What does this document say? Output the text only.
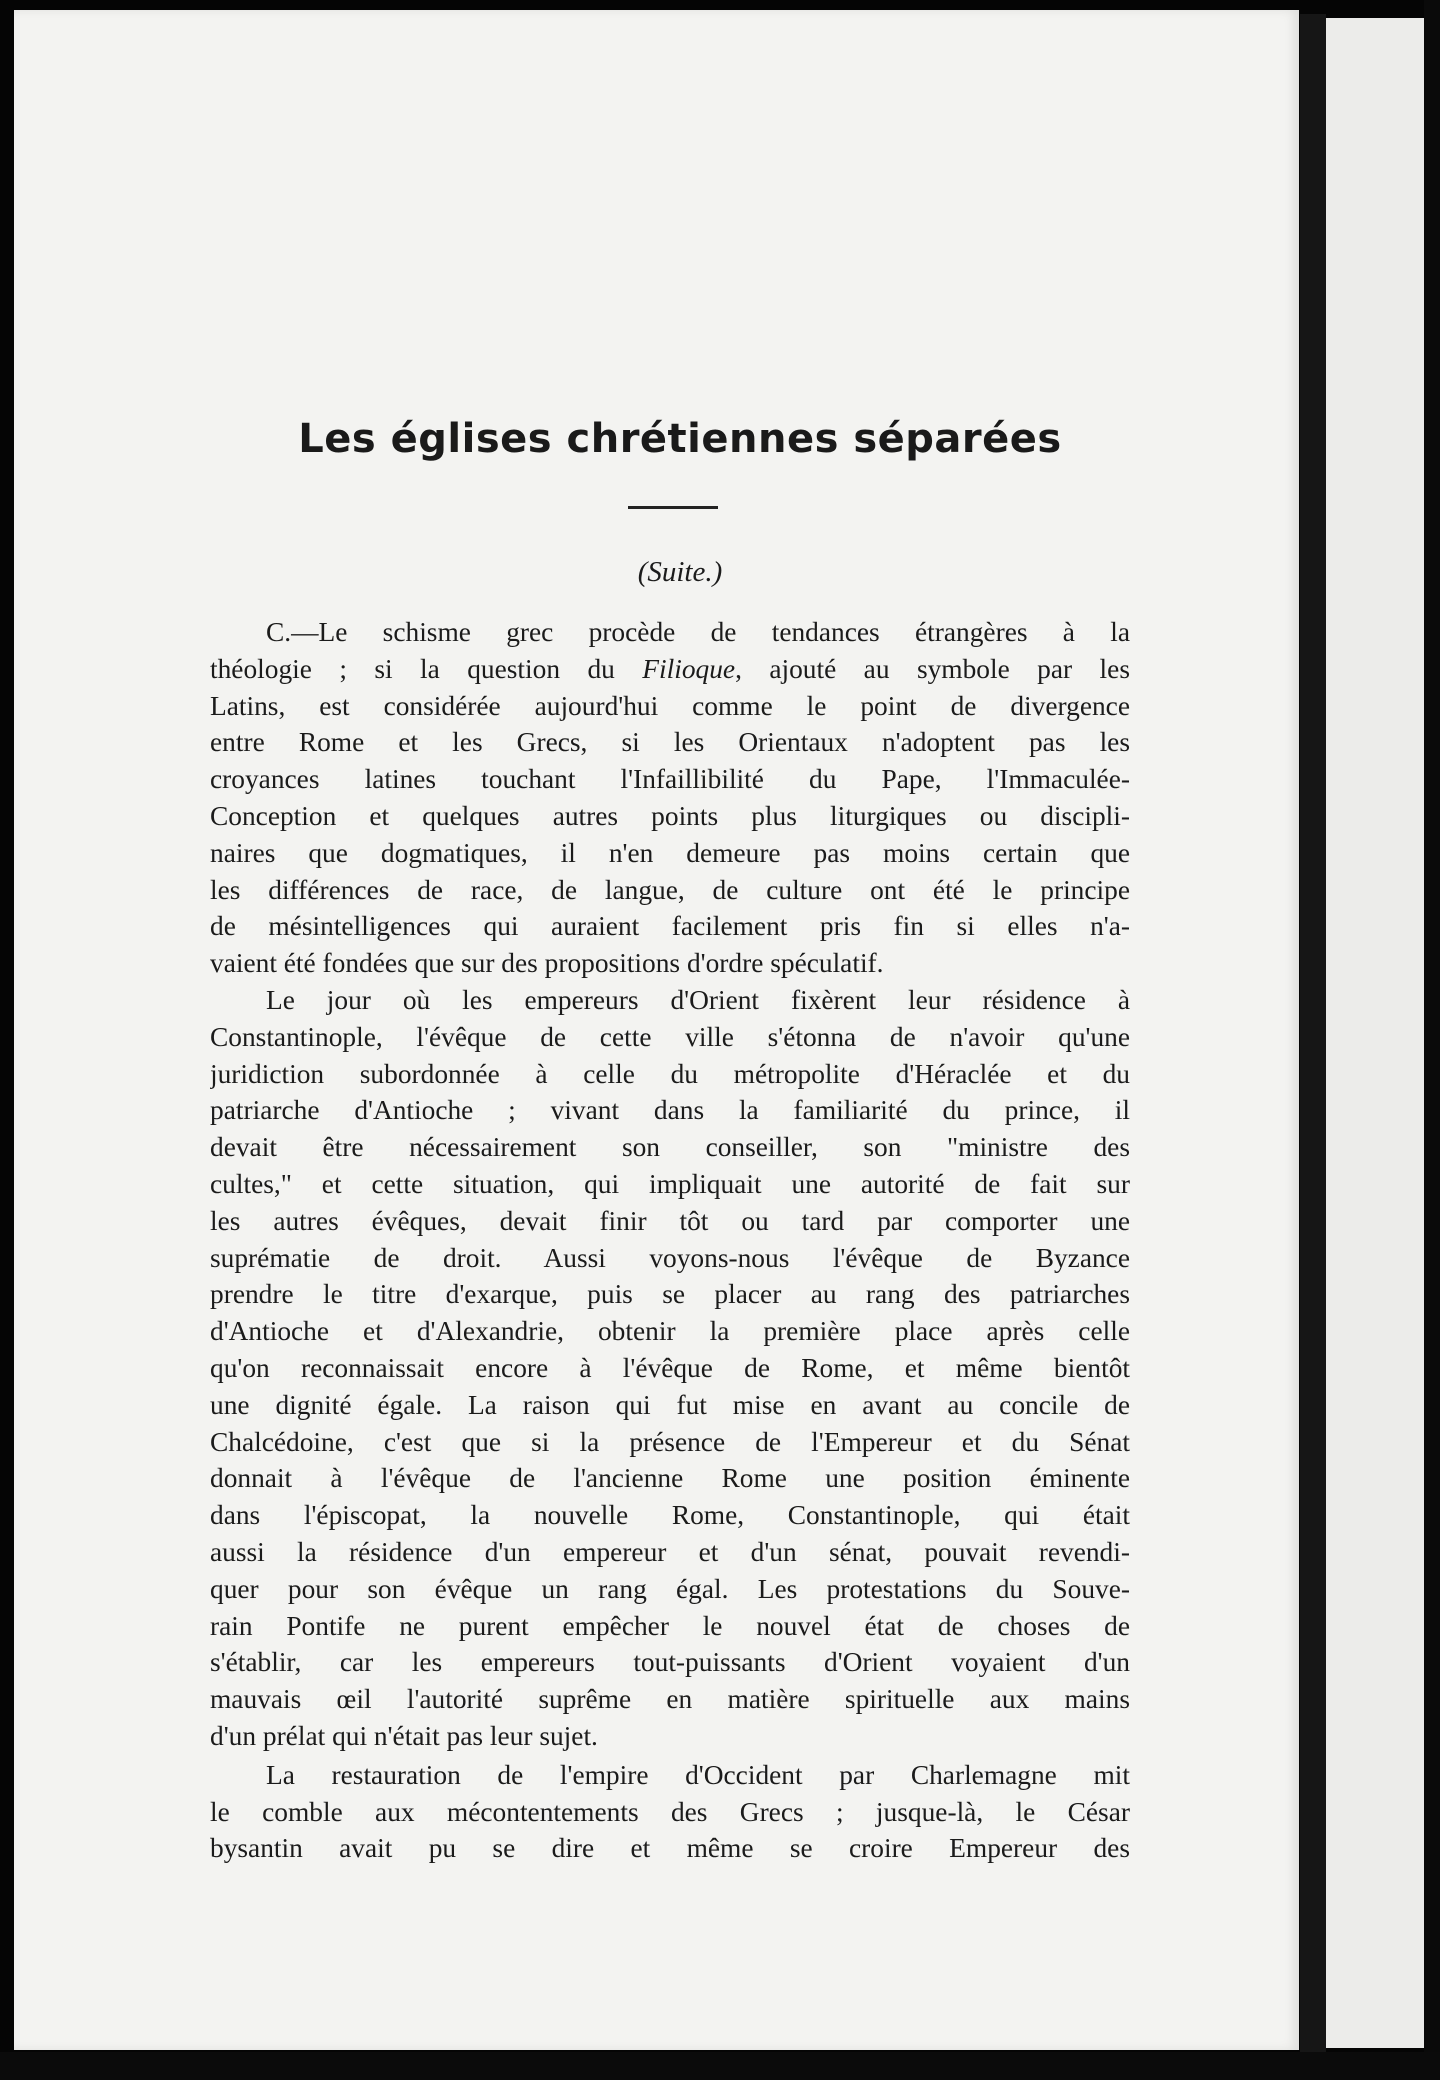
Les églises chrétiennes séparées
(Suite.)
C.—Le schisme grec procède de tendances étrangères à la
théologie ; si la question du Filioque, ajouté au symbole par les
Latins, est considérée aujourd'hui comme le point de divergence
entre Rome et les Grecs, si les Orientaux n'adoptent pas les
croyances latines touchant l'Infaillibilité du Pape, l'Immaculée-
Conception et quelques autres points plus liturgiques ou discipli-
naires que dogmatiques, il n'en demeure pas moins certain que
les différences de race, de langue, de culture ont été le principe
de mésintelligences qui auraient facilement pris fin si elles n'a-
vaient été fondées que sur des propositions d'ordre spéculatif.
Le jour où les empereurs d'Orient fixèrent leur résidence à
Constantinople, l'évêque de cette ville s'étonna de n'avoir qu'une
juridiction subordonnée à celle du métropolite d'Héraclée et du
patriarche d'Antioche ; vivant dans la familiarité du prince, il
devait être nécessairement son conseiller, son "ministre des
cultes," et cette situation, qui impliquait une autorité de fait sur
les autres évêques, devait finir tôt ou tard par comporter une
suprématie de droit. Aussi voyons-nous l'évêque de Byzance
prendre le titre d'exarque, puis se placer au rang des patriarches
d'Antioche et d'Alexandrie, obtenir la première place après celle
qu'on reconnaissait encore à l'évêque de Rome, et même bientôt
une dignité égale. La raison qui fut mise en avant au concile de
Chalcédoine, c'est que si la présence de l'Empereur et du Sénat
donnait à l'évêque de l'ancienne Rome une position éminente
dans l'épiscopat, la nouvelle Rome, Constantinople, qui était
aussi la résidence d'un empereur et d'un sénat, pouvait revendi-
quer pour son évêque un rang égal. Les protestations du Souve-
rain Pontife ne purent empêcher le nouvel état de choses de
s'établir, car les empereurs tout-puissants d'Orient voyaient d'un
mauvais œil l'autorité suprême en matière spirituelle aux mains
d'un prélat qui n'était pas leur sujet.
La restauration de l'empire d'Occident par Charlemagne mit
le comble aux mécontentements des Grecs ; jusque-là, le César
bysantin avait pu se dire et même se croire Empereur des
